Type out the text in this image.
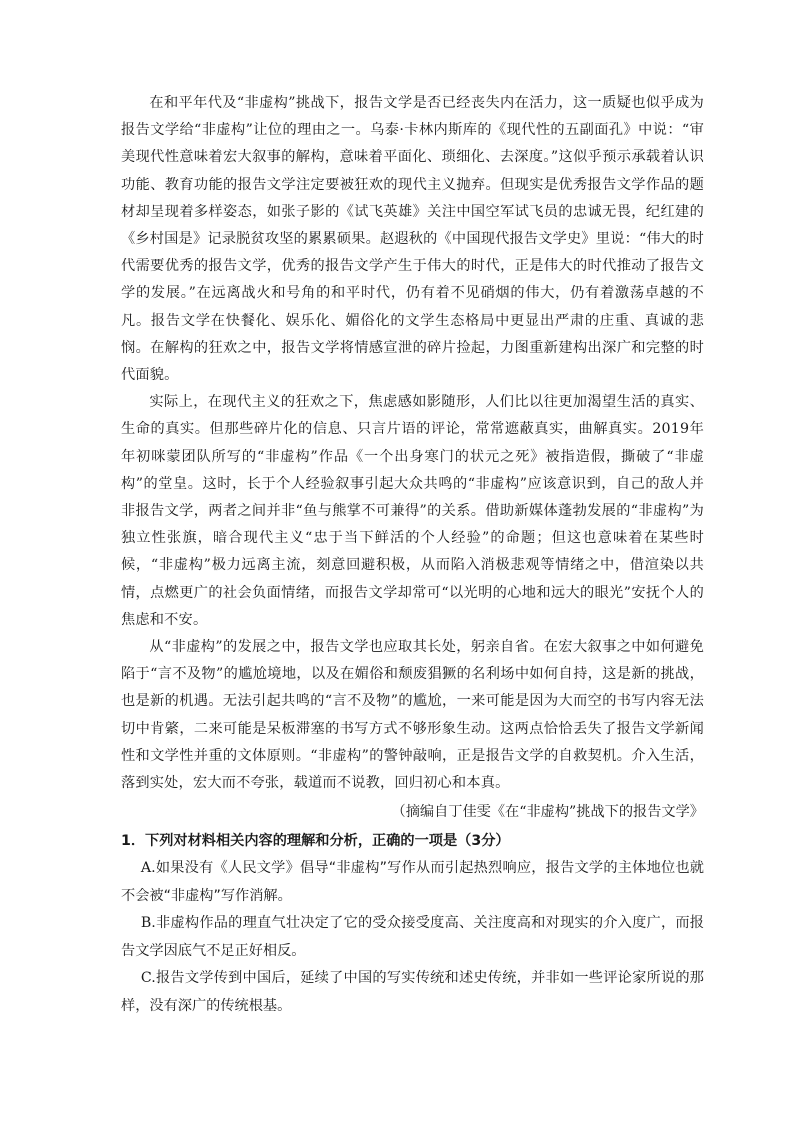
在和平年代及“非虚构”挑战下，报告文学是否已经丧失内在活力，这一质疑也似乎成为报告文学给“非虚构”让位的理由之一。乌泰·卡林内斯库的《现代性的五副面孔》中说：“审美现代性意味着宏大叙事的解构，意味着平面化、琐细化、去深度。”这似乎预示承载着认识功能、教育功能的报告文学注定要被狂欢的现代主义抛弃。但现实是优秀报告文学作品的题材却呈现着多样姿态，如张子影的《试飞英雄》关注中国空军试飞员的忠诚无畏，纪红建的《乡村国是》记录脱贫攻坚的累累硕果。赵遐秋的《中国现代报告文学史》里说：“伟大的时代需要优秀的报告文学，优秀的报告文学产生于伟大的时代，正是伟大的时代推动了报告文学的发展。”在远离战火和号角的和平时代，仍有着不见硝烟的伟大，仍有着激荡卓越的不凡。报告文学在快餐化、娱乐化、媚俗化的文学生态格局中更显出严肃的庄重、真诚的悲悯。在解构的狂欢之中，报告文学将情感宣泄的碎片捡起，力图重新建构出深广和完整的时代面貌。

实际上，在现代主义的狂欢之下，焦虑感如影随形，人们比以往更加渴望生活的真实、生命的真实。但那些碎片化的信息、只言片语的评论，常常遮蔽真实，曲解真实。2019年年初咪蒙团队所写的“非虚构”作品《一个出身寒门的状元之死》被指造假，撕破了“非虚构”的堂皇。这时，长于个人经验叙事引起大众共鸣的“非虚构”应该意识到，自己的敌人并非报告文学，两者之间并非“鱼与熊掌不可兼得”的关系。借助新媒体蓬勃发展的“非虚构”为独立性张旗，暗合现代主义“忠于当下鲜活的个人经验”的命题；但这也意味着在某些时候，“非虚构”极力远离主流，刻意回避积极，从而陷入消极悲观等情绪之中，借渲染以共情，点燃更广的社会负面情绪，而报告文学却常可“以光明的心地和远大的眼光”安抚个人的焦虑和不安。

从“非虚构”的发展之中，报告文学也应取其长处，躬亲自省。在宏大叙事之中如何避免陷于“言不及物”的尴尬境地，以及在媚俗和颓废猖獗的名利场中如何自持，这是新的挑战，也是新的机遇。无法引起共鸣的“言不及物”的尴尬，一来可能是因为大而空的书写内容无法切中肯綮，二来可能是呆板滞塞的书写方式不够形象生动。这两点恰恰丢失了报告文学新闻性和文学性并重的文体原则。“非虚构”的警钟敲响，正是报告文学的自救契机。介入生活，落到实处，宏大而不夸张，载道而不说教，回归初心和本真。

（摘编自丁佳雯《在“非虚构”挑战下的报告文学》

1．下列对材料相关内容的理解和分析，正确的一项是（3分）

A.如果没有《人民文学》倡导“非虚构”写作从而引起热烈响应，报告文学的主体地位也就不会被“非虚构”写作消解。

B.非虚构作品的理直气壮决定了它的受众接受度高、关注度高和对现实的介入度广，而报告文学因底气不足正好相反。

C.报告文学传到中国后，延续了中国的写实传统和述史传统，并非如一些评论家所说的那样，没有深广的传统根基。
